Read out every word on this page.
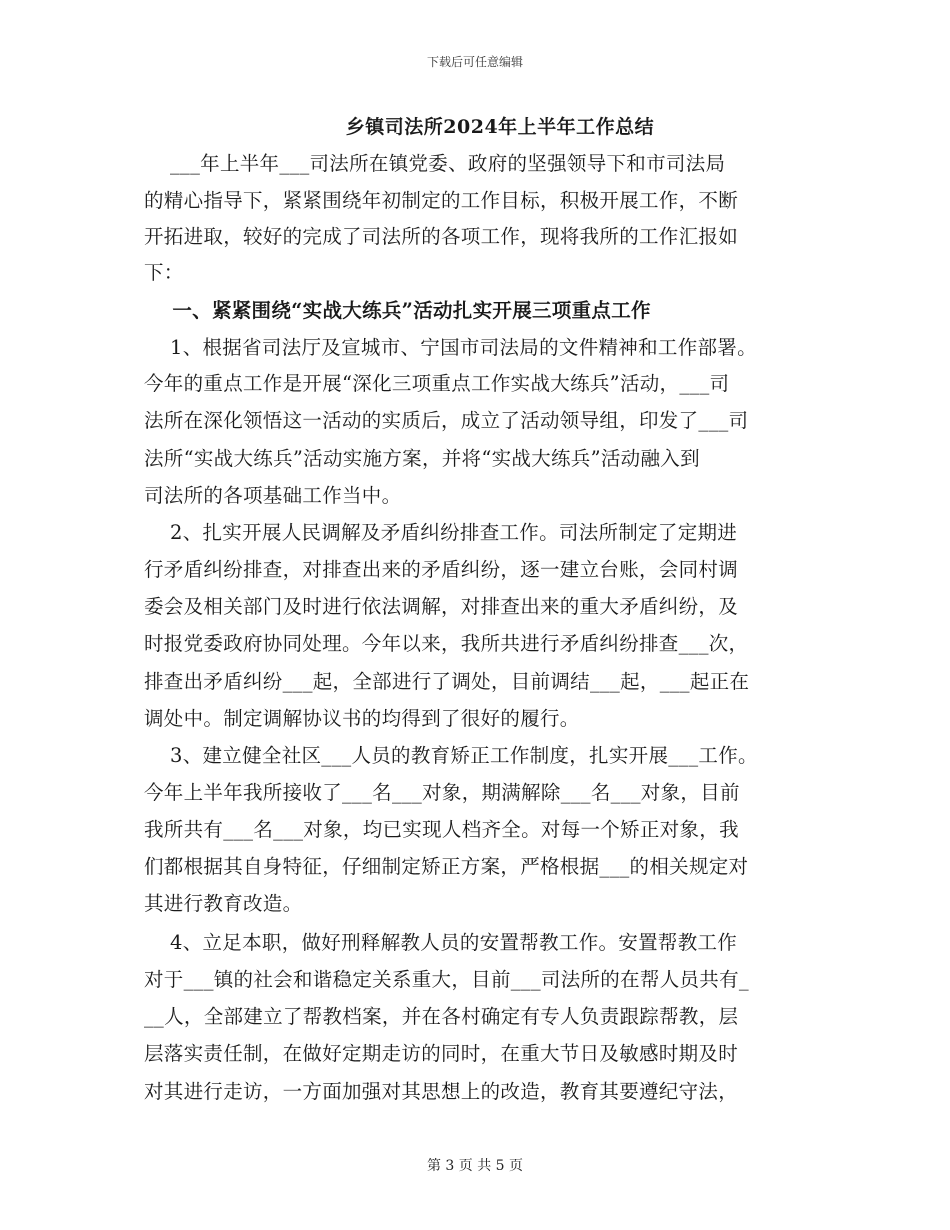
下载后可任意编辑
乡镇司法所2024年上半年工作总结
___年上半年___司法所在镇党委、政府的坚强领导下和市司法局
的精心指导下，紧紧围绕年初制定的工作目标，积极开展工作，不断
开拓进取，较好的完成了司法所的各项工作，现将我所的工作汇报如
下：
一、紧紧围绕“实战大练兵”活动扎实开展三项重点工作
1、根据省司法厅及宣城市、宁国市司法局的文件精神和工作部署。
今年的重点工作是开展“深化三项重点工作实战大练兵”活动，___司
法所在深化领悟这一活动的实质后，成立了活动领导组，印发了___司
法所“实战大练兵”活动实施方案，并将“实战大练兵”活动融入到
司法所的各项基础工作当中。
2、扎实开展人民调解及矛盾纠纷排查工作。司法所制定了定期进
行矛盾纠纷排查，对排查出来的矛盾纠纷，逐一建立台账，会同村调
委会及相关部门及时进行依法调解，对排查出来的重大矛盾纠纷，及
时报党委政府协同处理。今年以来，我所共进行矛盾纠纷排查___次，
排查出矛盾纠纷___起，全部进行了调处，目前调结___起，___起正在
调处中。制定调解协议书的均得到了很好的履行。
3、建立健全社区___人员的教育矫正工作制度，扎实开展___工作。
今年上半年我所接收了___名___对象，期满解除___名___对象，目前
我所共有___名___对象，均已实现人档齐全。对每一个矫正对象，我
们都根据其自身特征，仔细制定矫正方案，严格根据___的相关规定对
其进行教育改造。
4、立足本职，做好刑释解教人员的安置帮教工作。安置帮教工作
对于___镇的社会和谐稳定关系重大，目前___司法所的在帮人员共有_
__人，全部建立了帮教档案，并在各村确定有专人负责跟踪帮教，层
层落实责任制，在做好定期走访的同时，在重大节日及敏感时期及时
对其进行走访，一方面加强对其思想上的改造，教育其要遵纪守法，
第 3 页 共 5 页
